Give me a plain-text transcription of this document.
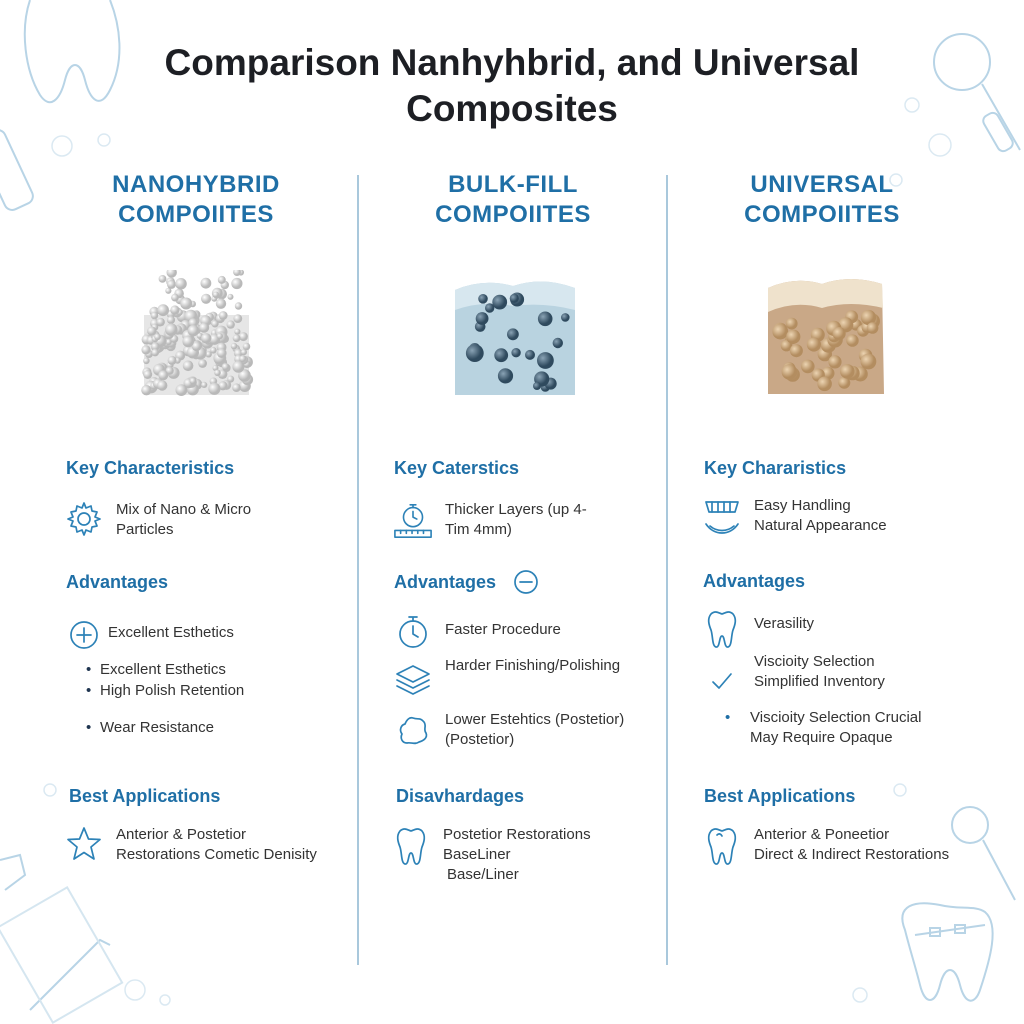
Comparison Nanhyhbrid, and Universal Composites
NANOHYBRID
COMPOIITES
Key Characteristics
Mix of Nano & Micro
Particles
Advantages
Excellent Esthetics
• Excellent Esthetics
• High Polish Retention
• Wear Resistance
Best Applications
Anterior & Postetior
Restorations Cometic Denisity
BULK-FILL
COMPOIITES
Key Caterstics
Thicker Layers (up 4-
Tim 4mm)
Advantages
Faster Procedure
Harder Finishing/Polishing
Lower Estehtics (Postetior)
(Postetior)
Disavhardages
Postetior Restorations
BaseLiner
Base/Liner
UNIVERSAL
COMPOIITES
Key Chararistics
Easy Handling
Natural Appearance
Advantages
Verasility
Viscioity Selection
Simplified Inventory
•	Viscioity Selection Crucial
May Require Opaque
Best Applications
Anterior & Poneetior
Direct & Indirect Restorations
